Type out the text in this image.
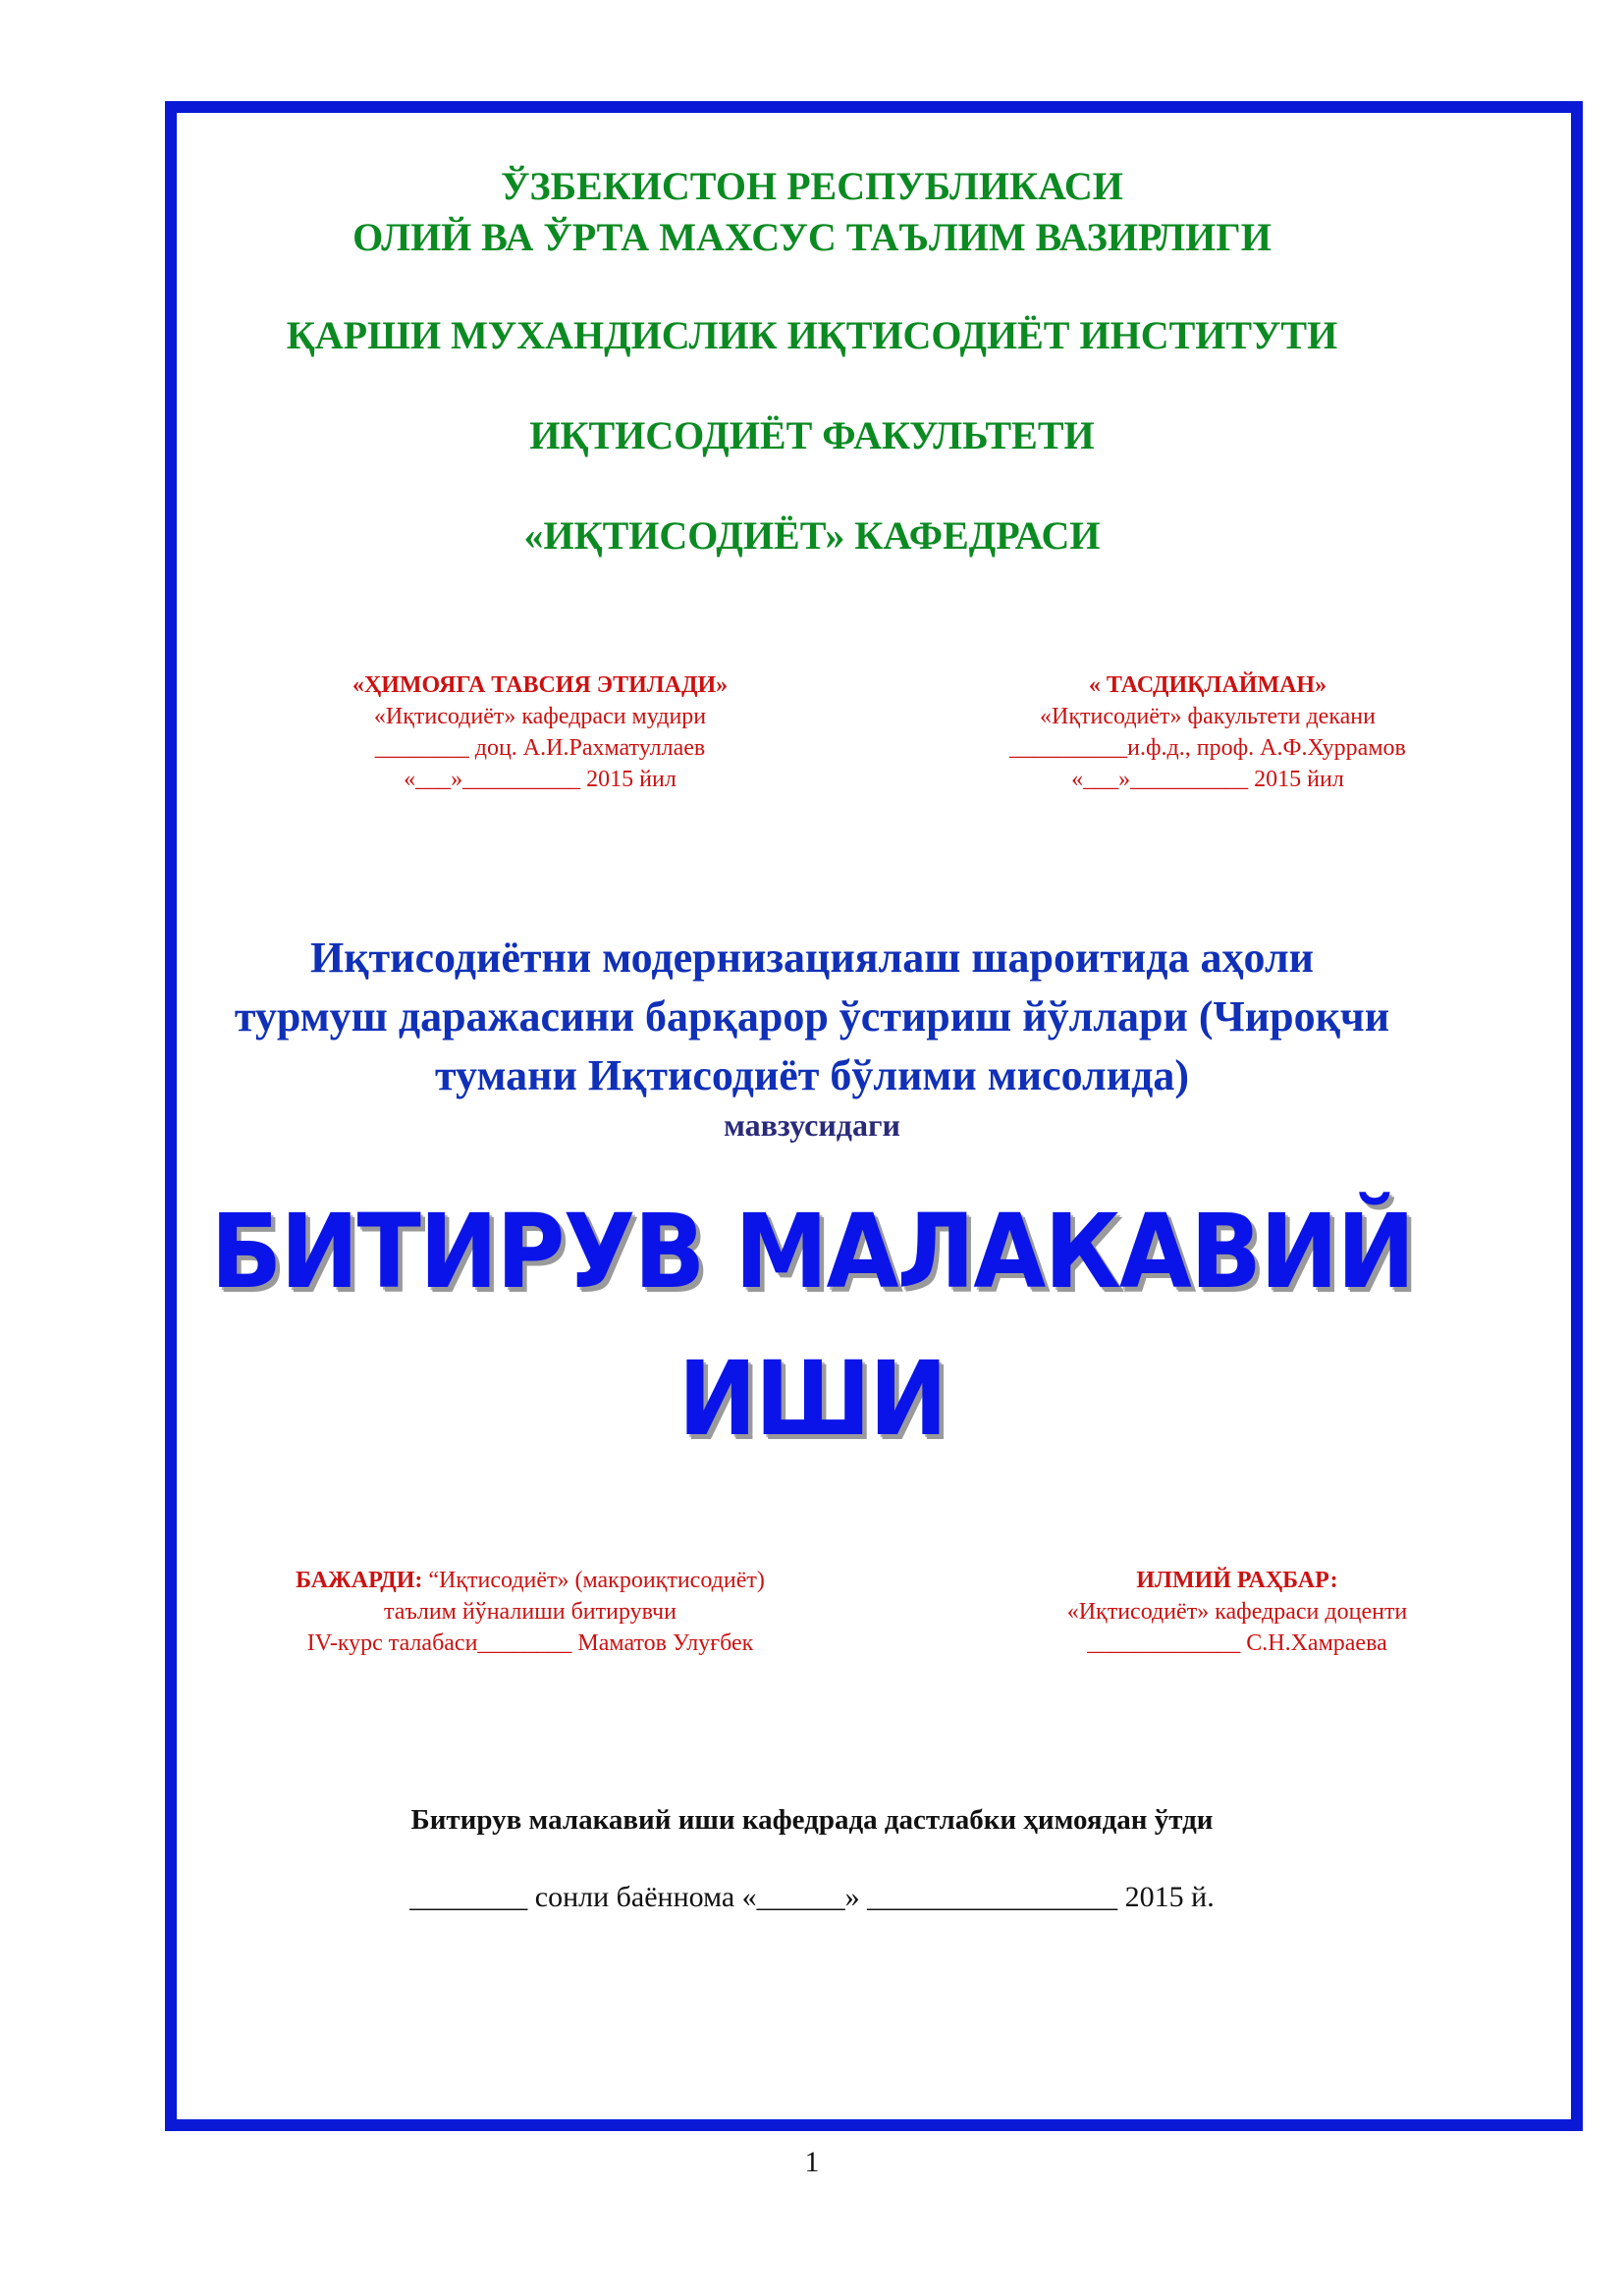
ЎЗБЕКИСТОН РЕСПУБЛИКАСИ
ОЛИЙ ВА ЎРТА МАХСУС ТАЪЛИМ ВАЗИРЛИГИ
ҚАРШИ МУХАНДИСЛИК ИҚТИСОДИЁТ ИНСТИТУТИ
ИҚТИСОДИЁТ ФАКУЛЬТЕТИ
«ИҚТИСОДИЁТ» КАФЕДРАСИ
«ҲИМОЯГА ТАВСИЯ ЭТИЛАДИ»
«Иқтисодиёт» кафедраси мудири
________ доц. А.И.Рахматуллаев
«___»__________ 2015 йил
« ТАСДИҚЛАЙМАН»
«Иқтисодиёт» факультети декани
__________и.ф.д., проф. А.Ф.Хуррамов
«___»__________ 2015 йил
Иқтисодиётни модернизациялаш шароитида аҳоли
турмуш даражасини барқарор ўстириш йўллари (Чироқчи
тумани Иқтисодиёт бўлими мисолида)
мавзусидаги
БИТИРУВ МАЛАКАВИЙ
ИШИ
БАЖАРДИ: “Иқтисодиёт» (макроиқтисодиёт)
таълим йўналиши битирувчи
IV-курс талабаси________ Маматов Улуғбек
ИЛМИЙ РАҲБАР:
«Иқтисодиёт» кафедраси доценти
_____________ С.Н.Хамраева
Битирув малакавий иши кафедрада дастлабки ҳимоядан ўтди
________ сонли баённома «______» _________________ 2015 й.
1
